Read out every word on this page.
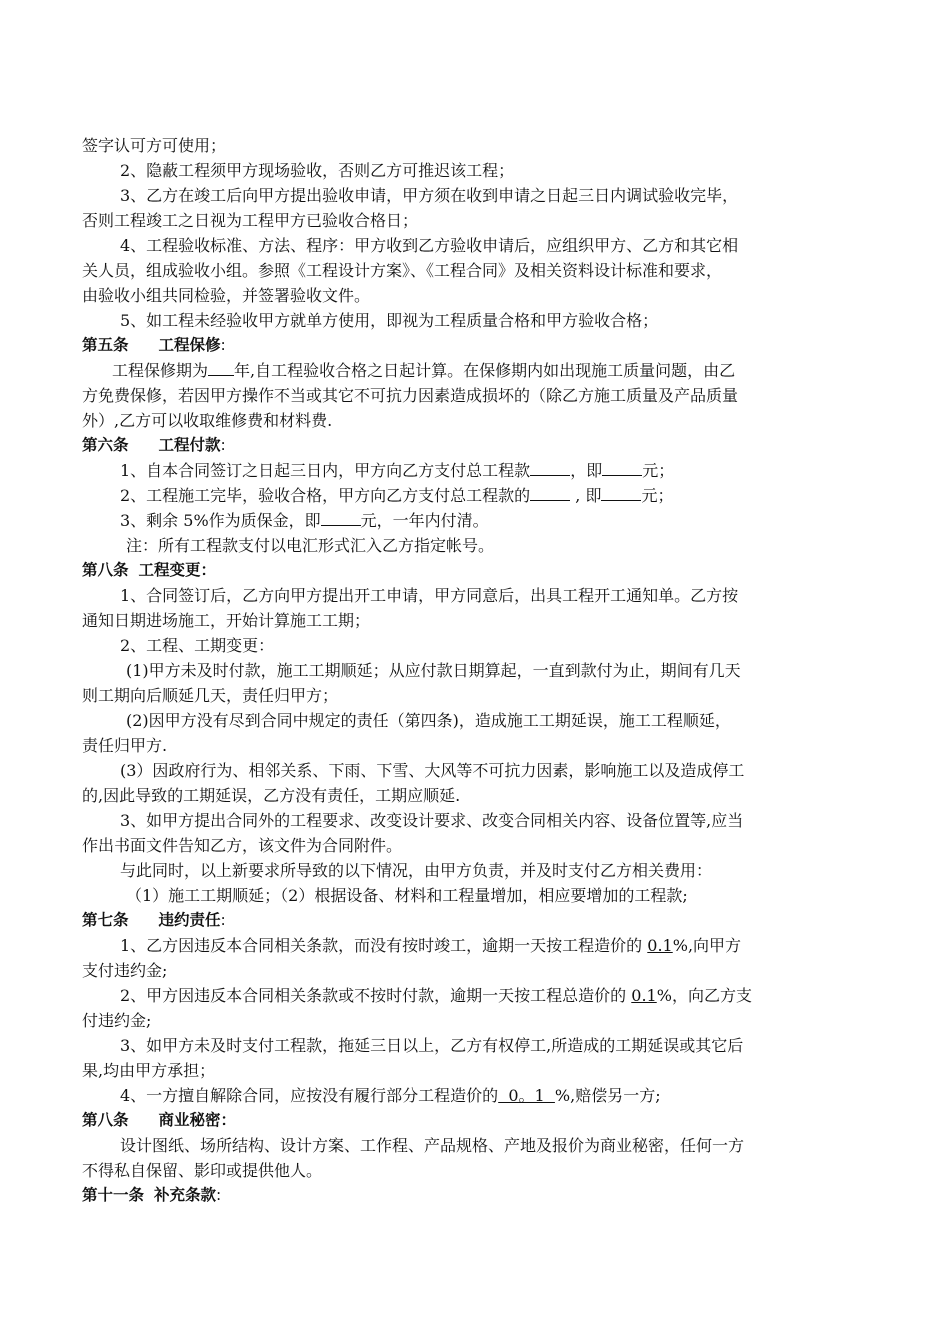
签字认可方可使用；

2、隐蔽工程须甲方现场验收，否则乙方可推迟该工程；

3、乙方在竣工后向甲方提出验收申请，甲方须在收到申请之日起三日内调试验收完毕，

否则工程竣工之日视为工程甲方已验收合格日；

4、工程验收标准、方法、程序：甲方收到乙方验收申请后，应组织甲方、乙方和其它相

关人员，组成验收小组。参照《工程设计方案》、《工程合同》及相关资料设计标准和要求，

由验收小组共同检验，并签署验收文件。

5、如工程未经验收甲方就单方使用，即视为工程质量合格和甲方验收合格；

第五条 工程保修:

工程保修期为 年,自工程验收合格之日起计算。在保修期内如出现施工质量问题，由乙

方免费保修，若因甲方操作不当或其它不可抗力因素造成损坏的（除乙方施工质量及产品质量

外）,乙方可以收取维修费和材料费.

第六条 工程付款:

1、自本合同签订之日起三日内，甲方向乙方支付总工程款	，即	元；

2、工程施工完毕，验收合格，甲方向乙方支付总工程款的	, 即	元；

3、剩余 5%作为质保金，即	元，一年内付清。

注：所有工程款支付以电汇形式汇入乙方指定帐号。

第八条 工程变更：

1、合同签订后，乙方向甲方提出开工申请，甲方同意后，出具工程开工通知单。乙方按

通知日期进场施工，开始计算施工工期；

2、工程、工期变更：

(1)甲方未及时付款，施工工期顺延；从应付款日期算起，一直到款付为止，期间有几天

则工期向后顺延几天，责任归甲方；

(2)因甲方没有尽到合同中规定的责任（第四条)，造成施工工期延误，施工工程顺延，

责任归甲方.

(3）因政府行为、相邻关系、下雨、下雪、大风等不可抗力因素，影响施工以及造成停工

的,因此导致的工期延误，乙方没有责任，工期应顺延.

3、如甲方提出合同外的工程要求、改变设计要求、改变合同相关内容、设备位置等,应当

作出书面文件告知乙方，该文件为合同附件。

与此同时，以上新要求所导致的以下情况，由甲方负责，并及时支付乙方相关费用：

（1）施工工期顺延；（2）根据设备、材料和工程量增加，相应要增加的工程款;

第七条 违约责任:

1、乙方因违反本合同相关条款，而没有按时竣工，逾期一天按工程造价的 0.1%,向甲方

支付违约金;

2、甲方因违反本合同相关条款或不按时付款，逾期一天按工程总造价的 0.1%，向乙方支

付违约金;

3、如甲方未及时支付工程款，拖延三日以上，乙方有权停工,所造成的工期延误或其它后

果,均由甲方承担；

4、一方擅自解除合同，应按没有履行部分工程造价的  0。1  %,赔偿另一方;

第八条 商业秘密：

设计图纸、场所结构、设计方案、工作程、产品规格、产地及报价为商业秘密，任何一方

不得私自保留、影印或提供他人。

第十一条 补充条款:
